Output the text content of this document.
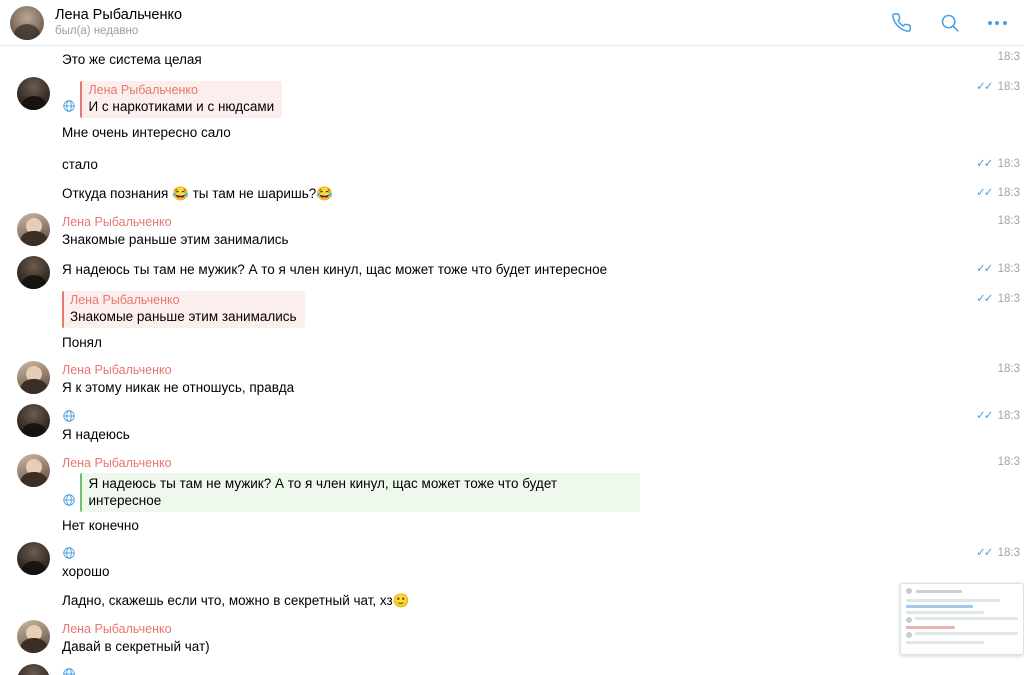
Лена Рыбальченко
был(а) недавно
Это же система целая	18:3

Лена Рыбальченко
И с наркотиками и с нюдсами
Мне очень интересно сало
✓✓ 18:3
стало	✓✓ 18:3
Откуда познания 😂 ты там не шаришь?😂	✓✓ 18:3
Лена Рыбальченко
Знакомые раньше этим занимались
18:3
Я надеюсь ты там не мужик? А то я член кинул, щас может тоже что будет интересное	✓✓ 18:3
Лена Рыбальченко
Знакомые раньше этим занимались
Понял
✓✓ 18:3
Лена Рыбальченко
Я к этому никак не отношусь, правда
18:3
Я надеюсь
✓✓ 18:3
Лена Рыбальченко

Я надеюсь ты там не мужик? А то я член кинул, щас может тоже что будет интересное
Нет конечно
18:3
хорошо
✓✓ 18:3
Ладно, скажешь если что, можно в секретный чат, хз🙂
Лена Рыбальченко
Давай в секретный чат)
